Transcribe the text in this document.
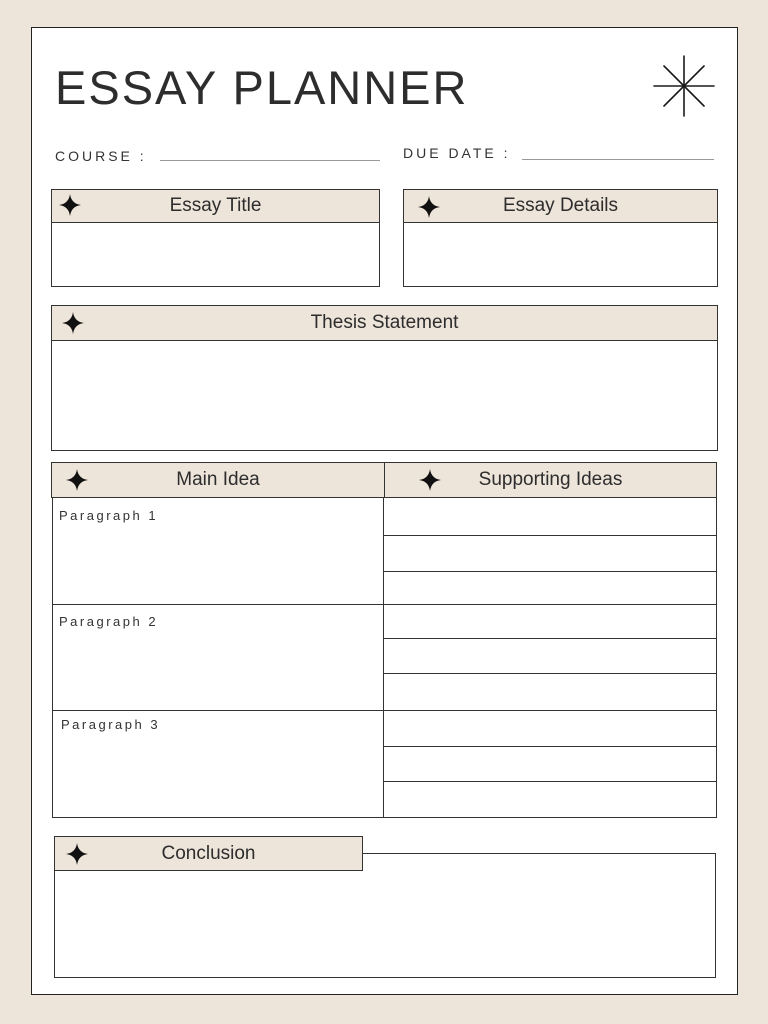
ESSAY PLANNER
COURSE :	DUE DATE :
Essay Title	Essay Details
Thesis Statement
Main Idea	Supporting Ideas
Paragraph 1
Paragraph 2
Paragraph 3
Conclusion
